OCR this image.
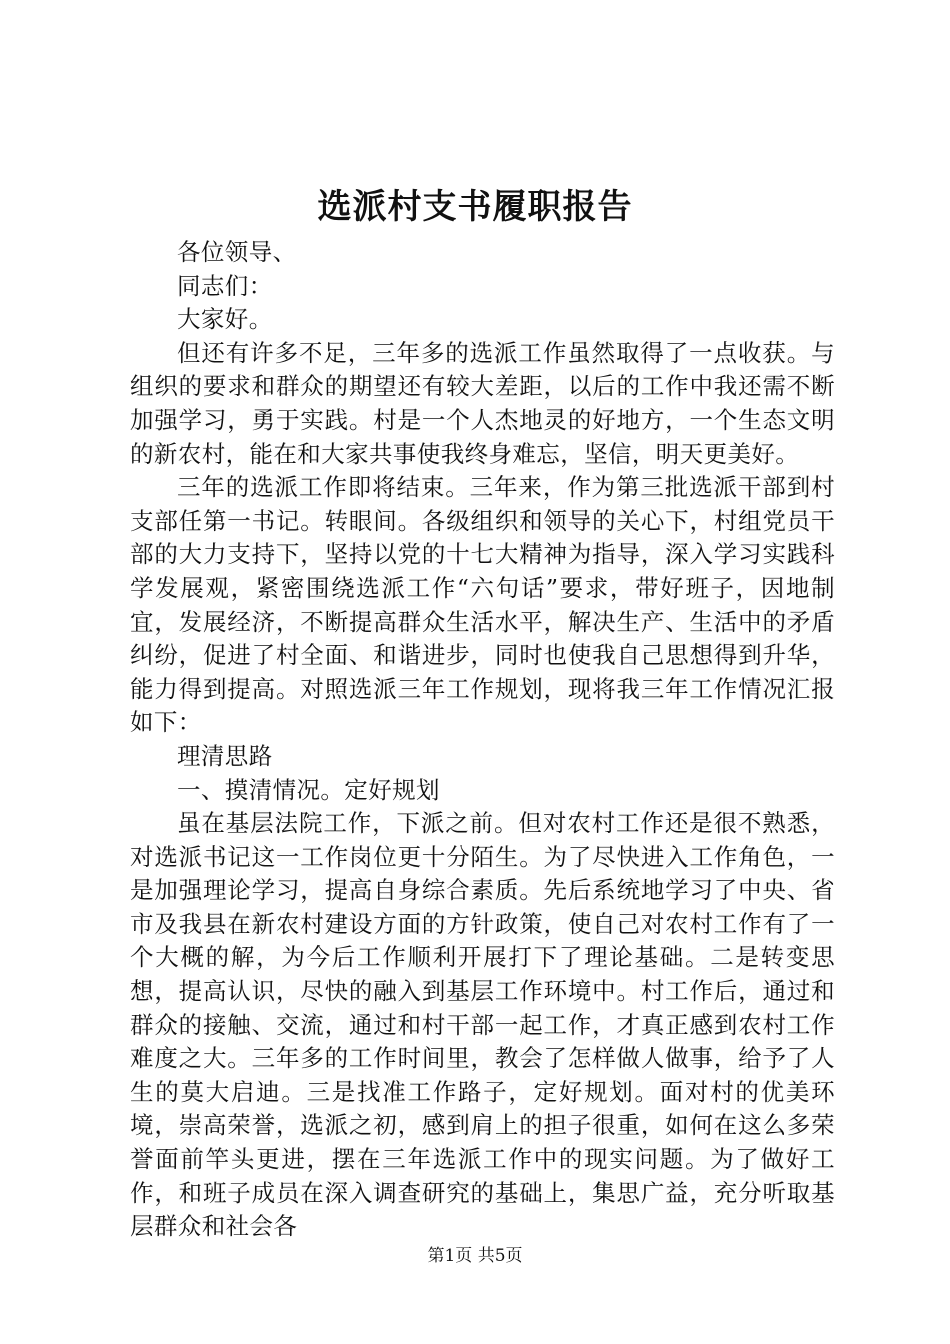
选派村支书履职报告

各位领导、

同志们：

大家好。

但还有许多不足，三年多的选派工作虽然取得了一点收获。与组织的要求和群众的期望还有较大差距，以后的工作中我还需不断加强学习，勇于实践。村是一个人杰地灵的好地方，一个生态文明的新农村，能在和大家共事使我终身难忘，坚信，明天更美好。

三年的选派工作即将结束。三年来，作为第三批选派干部到村支部任第一书记。转眼间。各级组织和领导的关心下，村组党员干部的大力支持下，坚持以党的十七大精神为指导，深入学习实践科学发展观，紧密围绕选派工作“六句话”要求，带好班子，因地制宜，发展经济，不断提高群众生活水平，解决生产、生活中的矛盾纠纷，促进了村全面、和谐进步，同时也使我自己思想得到升华，能力得到提高。对照选派三年工作规划，现将我三年工作情况汇报如下：

理清思路

一、摸清情况。定好规划

虽在基层法院工作，下派之前。但对农村工作还是很不熟悉，对选派书记这一工作岗位更十分陌生。为了尽快进入工作角色，一是加强理论学习，提高自身综合素质。先后系统地学习了中央、省市及我县在新农村建设方面的方针政策，使自己对农村工作有了一个大概的解，为今后工作顺利开展打下了理论基础。二是转变思想，提高认识，尽快的融入到基层工作环境中。村工作后，通过和群众的接触、交流，通过和村干部一起工作，才真正感到农村工作难度之大。三年多的工作时间里，教会了怎样做人做事，给予了人生的莫大启迪。三是找准工作路子，定好规划。面对村的优美环境，崇高荣誉，选派之初，感到肩上的担子很重，如何在这么多荣誉面前竿头更进，摆在三年选派工作中的现实问题。为了做好工作，和班子成员在深入调查研究的基础上，集思广益，充分听取基层群众和社会各

第1页 共5页
